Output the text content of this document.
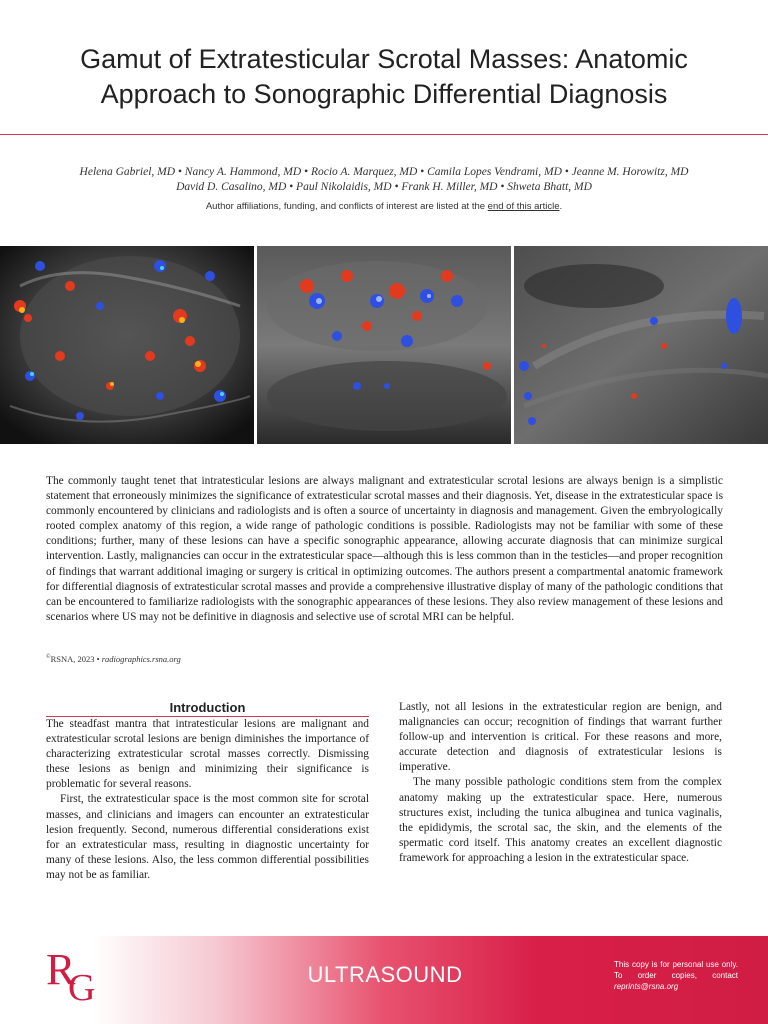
Gamut of Extratesticular Scrotal Masses: Anatomic
Approach to Sonographic Differential Diagnosis
Helena Gabriel, MD • Nancy A. Hammond, MD • Rocio A. Marquez, MD • Camila Lopes Vendrami, MD • Jeanne M. Horowitz, MD
David D. Casalino, MD • Paul Nikolaidis, MD • Frank H. Miller, MD • Shweta Bhatt, MD
Author affiliations, funding, and conflicts of interest are listed at the end of this article.

The commonly taught tenet that intratesticular lesions are always malignant and extratesticular scrotal lesions are always benign is a simplistic statement that erroneously minimizes the significance of extratesticular scrotal masses and their diagnosis. Yet, disease in the extratesticular space is commonly encountered by clinicians and radiologists and is often a source of uncertainty in diagnosis and management. Given the embryologically rooted complex anatomy of this region, a wide range of pathologic conditions is possible. Radiologists may not be familiar with some of these conditions; further, many of these lesions can have a specific sonographic appearance, allowing accurate diagnosis that can minimize surgical intervention. Lastly, malignancies can occur in the extratesticular space—although this is less common than in the testicles—and proper recognition of findings that warrant additional imaging or surgery is critical in optimizing outcomes. The authors present a compartmental anatomic framework for differential diagnosis of extratesticular scrotal masses and provide a comprehensive illustrative display of many of the pathologic conditions that can be encountered to familiarize radiologists with the sonographic appearances of these lesions. They also review management of these lesions and scenarios where US may not be definitive in diagnosis and selective use of scrotal MRI can be helpful.

©RSNA, 2023 • radiographics.rsna.org
Introduction

The steadfast mantra that intratesticular lesions are malignant and extratesticular scrotal lesions are benign diminishes the importance of characterizing extratesticular scrotal masses correctly. Dismissing these lesions as benign and minimizing their significance is problematic for several reasons.

First, the extratesticular space is the most common site for scrotal masses, and clinicians and imagers can encounter an extratesticular lesion frequently. Second, numerous differential considerations exist for an extratesticular mass, resulting in diagnostic uncertainty for many of these lesions. Also, the less common differential possibilities may not be as familiar.

Lastly, not all lesions in the extratesticular region are benign, and malignancies can occur; recognition of findings that warrant further follow-up and intervention is critical. For these reasons and more, accurate detection and diagnosis of extratesticular lesions is imperative.

The many possible pathologic conditions stem from the complex anatomy making up the extratesticular space. Here, numerous structures exist, including the tunica albuginea and tunica vaginalis, the epididymis, the scrotal sac, the skin, and the elements of the spermatic cord itself. This anatomy creates an excellent diagnostic framework for approaching a lesion in the extratesticular space.

R
G	ULTRASOUND	This copy is for personal use only. To order copies, contact reprints@rsna.org
